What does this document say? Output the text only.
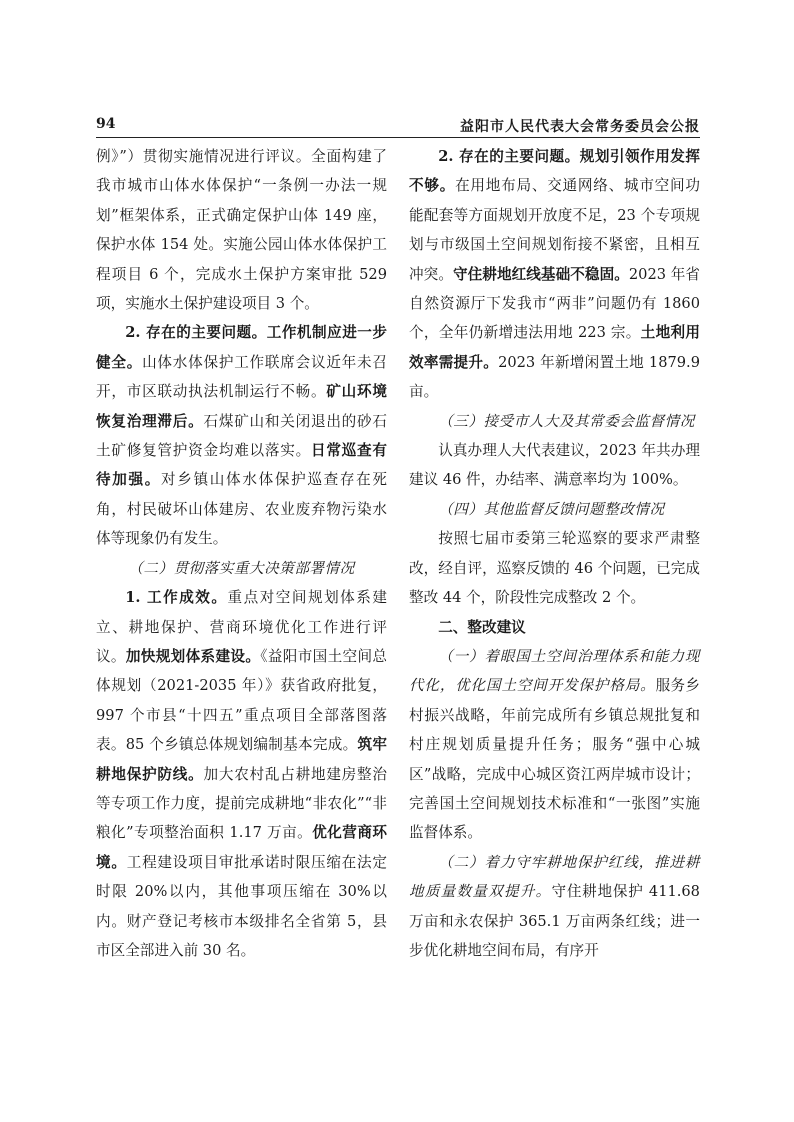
94	益阳市人民代表大会常务委员会公报

例》”）贯彻实施情况进行评议。全面构建了我市城市山体水体保护“一条例一办法一规划”框架体系，正式确定保护山体 149 座，保护水体 154 处。实施公园山体水体保护工程项目 6 个，完成水土保护方案审批 529 项，实施水土保护建设项目 3 个。

2. 存在的主要问题。工作机制应进一步健全。山体水体保护工作联席会议近年未召开，市区联动执法机制运行不畅。矿山环境恢复治理滞后。石煤矿山和关闭退出的砂石土矿修复管护资金均难以落实。日常巡查有待加强。对乡镇山体水体保护巡查存在死角，村民破坏山体建房、农业废弃物污染水体等现象仍有发生。

（二）贯彻落实重大决策部署情况

1. 工作成效。重点对空间规划体系建立、耕地保护、营商环境优化工作进行评议。加快规划体系建设。《益阳市国土空间总体规划（2021-2035 年）》获省政府批复，997 个市县“十四五”重点项目全部落图落表。85 个乡镇总体规划编制基本完成。筑牢耕地保护防线。加大农村乱占耕地建房整治等专项工作力度，提前完成耕地“非农化”“非粮化”专项整治面积 1.17 万亩。优化营商环境。工程建设项目审批承诺时限压缩在法定时限 20%以内，其他事项压缩在 30%以内。财产登记考核市本级排名全省第 5，县市区全部进入前 30 名。

2. 存在的主要问题。规划引领作用发挥不够。在用地布局、交通网络、城市空间功能配套等方面规划开放度不足，23 个专项规划与市级国土空间规划衔接不紧密，且相互冲突。守住耕地红线基础不稳固。2023 年省自然资源厅下发我市“两非”问题仍有 1860 个，全年仍新增违法用地 223 宗。土地利用效率需提升。2023 年新增闲置土地 1879.9 亩。

（三）接受市人大及其常委会监督情况

认真办理人大代表建议，2023 年共办理建议 46 件，办结率、满意率均为 100%。

（四）其他监督反馈问题整改情况

按照七届市委第三轮巡察的要求严肃整改，经自评，巡察反馈的 46 个问题，已完成整改 44 个，阶段性完成整改 2 个。

二、整改建议

（一）着眼国土空间治理体系和能力现代化，优化国土空间开发保护格局。服务乡村振兴战略，年前完成所有乡镇总规批复和村庄规划质量提升任务；服务“强中心城区”战略，完成中心城区资江两岸城市设计；完善国土空间规划技术标准和“一张图”实施监督体系。

（二）着力守牢耕地保护红线，推进耕地质量数量双提升。守住耕地保护 411.68 万亩和永农保护 365.1 万亩两条红线；进一步优化耕地空间布局，有序开
